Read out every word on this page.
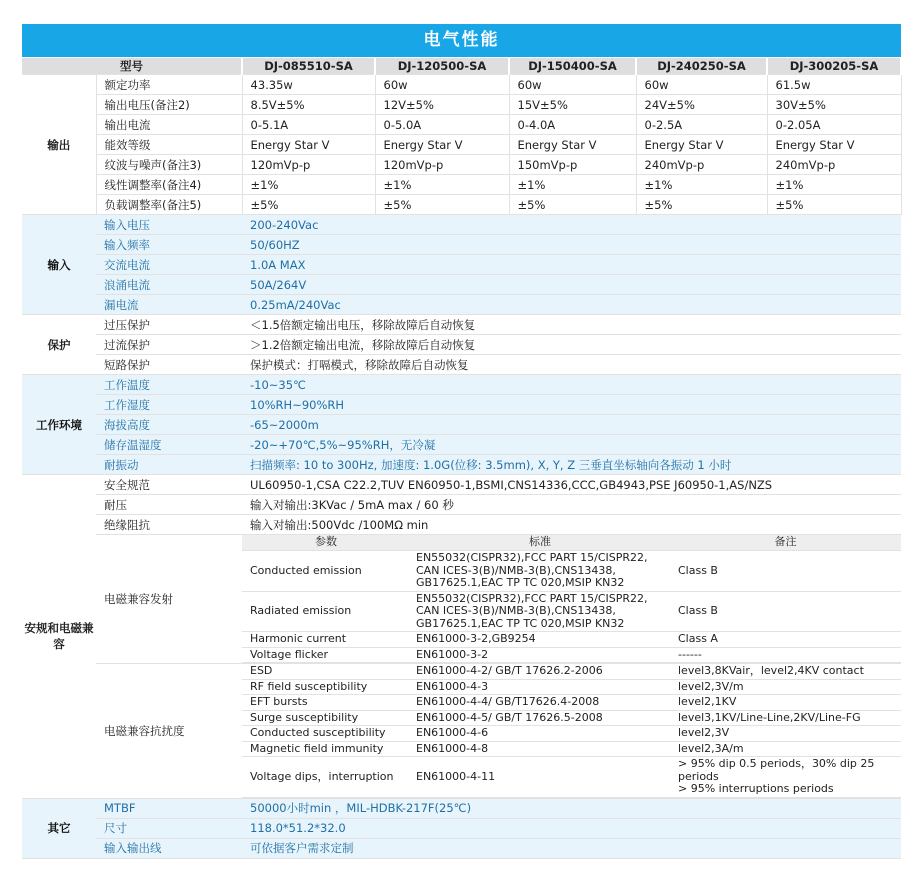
电气性能
型号	DJ-085510-SA	DJ-120500-SA	DJ-150400-SA	DJ-240250-SA	DJ-300205-SA
输出	额定功率	43.35w	60w	60w	60w	61.5w
输出电压(备注2)	8.5V±5%	12V±5%	15V±5%	24V±5%	30V±5%
输出电流	0-5.1A	0-5.0A	0-4.0A	0-2.5A	0-2.05A
能效等级	Energy Star V	Energy Star V	Energy Star V	Energy Star V	Energy Star V
纹波与噪声(备注3)	120mVp-p	120mVp-p	150mVp-p	240mVp-p	240mVp-p
线性调整率(备注4)	±1%	±1%	±1%	±1%	±1%
负载调整率(备注5)	±5%	±5%	±5%	±5%	±5%
输入	输入电压	200-240Vac
输入频率	50/60HZ
交流电流	1.0A MAX
浪涌电流	50A/264V
漏电流	0.25mA/240Vac
保护	过压保护	＜1.5倍额定输出电压，移除故障后自动恢复
过流保护	＞1.2倍额定输出电流，移除故障后自动恢复
短路保护	保护模式：打嗝模式，移除故障后自动恢复
工作环境	工作温度	-10~35℃
工作湿度	10%RH~90%RH
海拔高度	-65~2000m
储存温湿度	-20~+70℃,5%~95%RH，无冷凝
耐振动	扫描频率: 10 to 300Hz, 加速度: 1.0G(位移: 3.5mm), X, Y, Z 三垂直坐标轴向各振动 1 小时
安规和电磁兼容	安全规范	UL60950-1,CSA C22.2,TUV EN60950-1,BSMI,CNS14336,CCC,GB4943,PSE J60950-1,AS/NZS
耐压	输入对输出:3KVac / 5mA max / 60 秒
绝缘阻抗	输入对输出:500Vdc /100MΩ min
电磁兼容发射	
参数	标准	备注
Conducted emission	EN55032(CISPR32),FCC PART 15/CISPR22, CAN ICES-3(B)/NMB-3(B),CNS13438, GB17625.1,EAC TP TC 020,MSIP KN32	Class B
Radiated emission	EN55032(CISPR32),FCC PART 15/CISPR22, CAN ICES-3(B)/NMB-3(B),CNS13438, GB17625.1,EAC TP TC 020,MSIP KN32	Class B
Harmonic current	EN61000-3-2,GB9254	Class A
Voltage flicker	EN61000-3-2	------

电磁兼容抗扰度	
ESD	EN61000-4-2/ GB/T 17626.2-2006	level3,8KVair，level2,4KV contact
RF field susceptibility	EN61000-4-3	level2,3V/m
EFT bursts	EN61000-4-4/ GB/T17626.4-2008	level2,1KV
Surge susceptibility	EN61000-4-5/ GB/T 17626.5-2008	level3,1KV/Line-Line,2KV/Line-FG
Conducted susceptibility	EN61000-4-6	level2,3V
Magnetic field immunity	EN61000-4-8	level2,3A/m
Voltage dips，interruption	EN61000-4-11	> 95% dip 0.5 periods，30% dip 25 periods
> 95% interruptions periods

其它	MTBF	50000小时min ，MIL-HDBK-217F(25℃)
尺寸	118.0*51.2*32.0
输入输出线	可依据客户需求定制
